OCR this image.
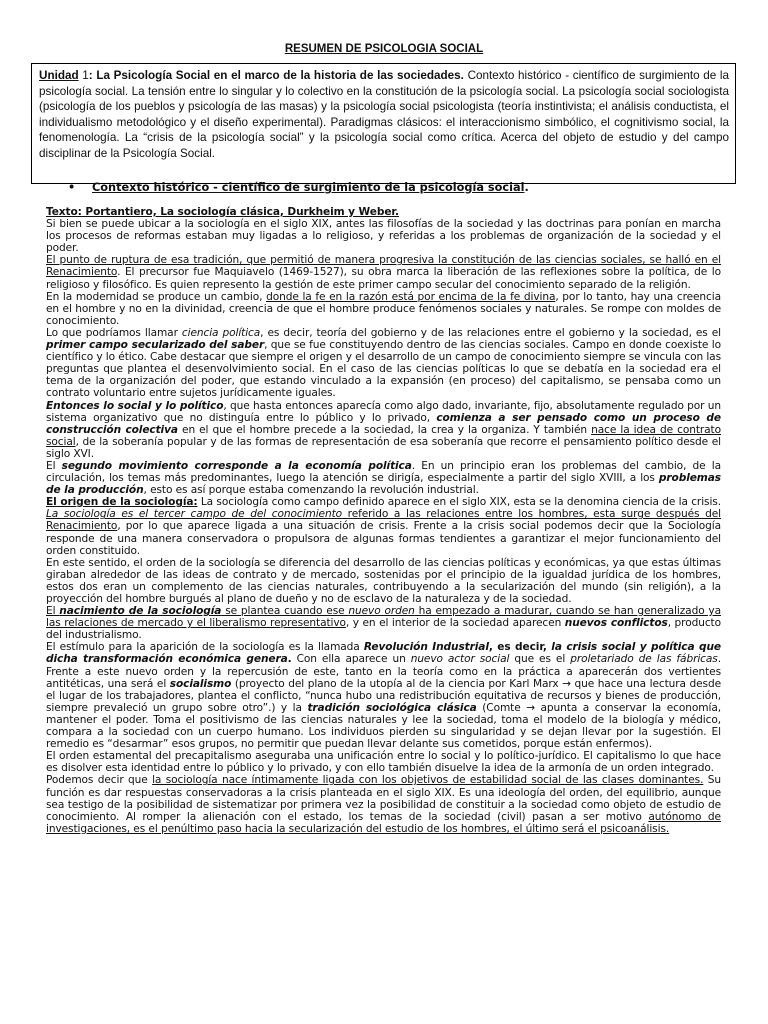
RESUMEN DE PSICOLOGIA SOCIAL
Unidad 1: La Psicología Social en el marco de la historia de las sociedades. Contexto histórico - científico de surgimiento de la psicología social. La tensión entre lo singular y lo colectivo en la constitución de la psicología social. La psicología social sociologista (psicología de los pueblos y psicología de las masas) y la psicología social psicologista (teoría instintivista; el análisis conductista, el individualismo metodológico y el diseño experimental). Paradigmas clásicos: el interaccionismo simbólico, el cognitivismo social, la fenomenología. La “crisis de la psicología social” y la psicología social como crítica. Acerca del objeto de estudio y del campo disciplinar de la Psicología Social.
• Contexto histórico - científico de surgimiento de la psicología social.

Texto: Portantiero, La sociología clásica, Durkheim y Weber.

Si bien se puede ubicar a la sociología en el siglo XIX, antes las filosofías de la sociedad y las doctrinas para ponían en marcha los procesos de reformas estaban muy ligadas a lo religioso, y referidas a los problemas de organización de la sociedad y el poder.

El punto de ruptura de esa tradición, que permitió de manera progresiva la constitución de las ciencias sociales, se halló en el Renacimiento. El precursor fue Maquiavelo (1469-1527), su obra marca la liberación de las reflexiones sobre la política, de lo religioso y filosófico. Es quien represento la gestión de este primer campo secular del conocimiento separado de la religión.

En la modernidad se produce un cambio, donde la fe en la razón está por encima de la fe divina, por lo tanto, hay una creencia en el hombre y no en la divinidad, creencia de que el hombre produce fenómenos sociales y naturales. Se rompe con moldes de conocimiento.

Lo que podríamos llamar ciencia política, es decir, teoría del gobierno y de las relaciones entre el gobierno y la sociedad, es el primer campo secularizado del saber, que se fue constituyendo dentro de las ciencias sociales. Campo en donde coexiste lo científico y lo ético. Cabe destacar que siempre el origen y el desarrollo de un campo de conocimiento siempre se vincula con las preguntas que plantea el desenvolvimiento social. En el caso de las ciencias políticas lo que se debatía en la sociedad era el tema de la organización del poder, que estando vinculado a la expansión (en proceso) del capitalismo, se pensaba como un contrato voluntario entre sujetos jurídicamente iguales.

Entonces lo social y lo político, que hasta entonces aparecía como algo dado, invariante, fijo, absolutamente regulado por un sistema organizativo que no distinguía entre lo público y lo privado, comienza a ser pensado como un proceso de construcción colectiva en el que el hombre precede a la sociedad, la crea y la organiza. Y también nace la idea de contrato social, de la soberanía popular y de las formas de representación de esa soberanía que recorre el pensamiento político desde el siglo XVI.

El segundo movimiento corresponde a la economía política. En un principio eran los problemas del cambio, de la circulación, los temas más predominantes, luego la atención se dirigía, especialmente a partir del siglo XVIII, a los problemas de la producción, esto es así porque estaba comenzando la revolución industrial.

El origen de la sociología: La sociología como campo definido aparece en el siglo XIX, esta se la denomina ciencia de la crisis. La sociología es el tercer campo de del conocimiento referido a las relaciones entre los hombres, esta surge después del Renacimiento, por lo que aparece ligada a una situación de crisis. Frente a la crisis social podemos decir que la Sociología responde de una manera conservadora o propulsora de algunas formas tendientes a garantizar el mejor funcionamiento del orden constituido.

En este sentido, el orden de la sociología se diferencia del desarrollo de las ciencias políticas y económicas, ya que estas últimas giraban alrededor de las ideas de contrato y de mercado, sostenidas por el principio de la igualdad jurídica de los hombres, estos dos eran un complemento de las ciencias naturales, contribuyendo a la secularización del mundo (sin religión), a la proyección del hombre burgués al plano de dueño y no de esclavo de la naturaleza y de la sociedad.

El nacimiento de la sociología se plantea cuando ese nuevo orden ha empezado a madurar, cuando se han generalizado ya las relaciones de mercado y el liberalismo representativo, y en el interior de la sociedad aparecen nuevos conflictos, producto del industrialismo.

El estímulo para la aparición de la sociología es la llamada Revolución Industrial, es decir, la crisis social y política que dicha transformación económica genera. Con ella aparece un nuevo actor social que es el proletariado de las fábricas. Frente a este nuevo orden y la repercusión de este, tanto en la teoría como en la práctica a aparecerán dos vertientes antitéticas, una será el socialismo (proyecto del plano de la utopía al de la ciencia por Karl Marx → que hace una lectura desde el lugar de los trabajadores, plantea el conflicto, “nunca hubo una redistribución equitativa de recursos y bienes de producción, siempre prevaleció un grupo sobre otro”.) y la tradición sociológica clásica (Comte → apunta a conservar la economía, mantener el poder. Toma el positivismo de las ciencias naturales y lee la sociedad, toma el modelo de la biología y médico, compara a la sociedad con un cuerpo humano. Los individuos pierden su singularidad y se dejan llevar por la sugestión. El remedio es “desarmar” esos grupos, no permitir que puedan llevar delante sus cometidos, porque están enfermos).

El orden estamental del precapitalismo aseguraba una unificación entre lo social y lo político-jurídico. El capitalismo lo que hace es disolver esta identidad entre lo público y lo privado, y con ello también disuelve la idea de la armonía de un orden integrado.

Podemos decir que la sociología nace íntimamente ligada con los objetivos de estabilidad social de las clases dominantes. Su función es dar respuestas conservadoras a la crisis planteada en el siglo XIX. Es una ideología del orden, del equilibrio, aunque sea testigo de la posibilidad de sistematizar por primera vez la posibilidad de constituir a la sociedad como objeto de estudio de conocimiento. Al romper la alienación con el estado, los temas de la sociedad (civil) pasan a ser motivo autónomo de investigaciones, es el penúltimo paso hacia la secularización del estudio de los hombres, el último será el psicoanálisis.
